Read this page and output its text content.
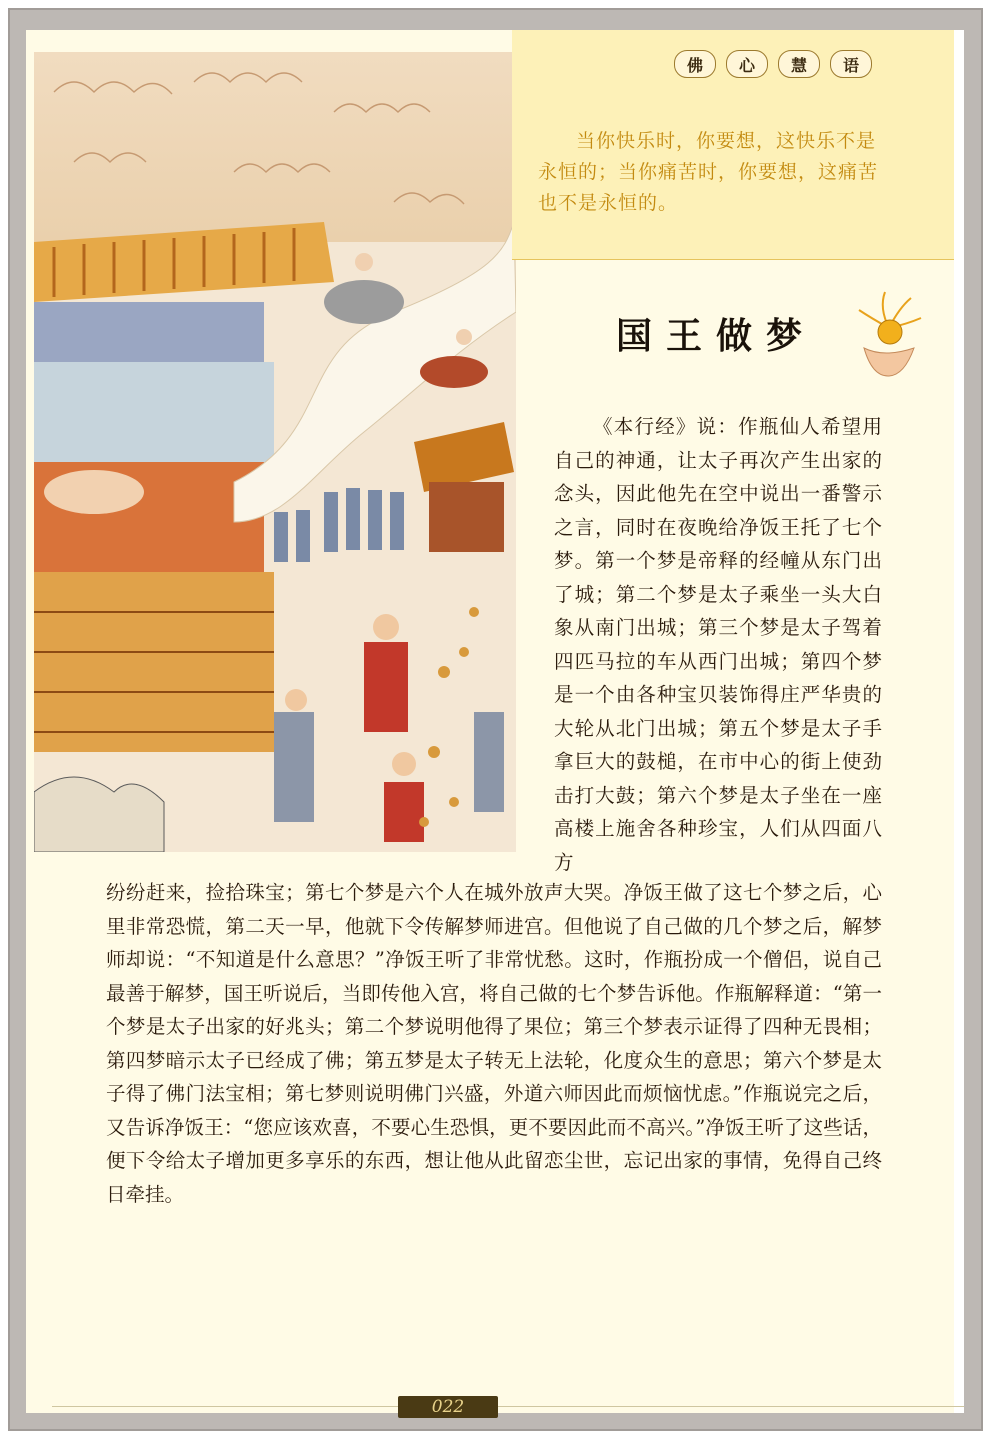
佛	心	慧	语

当你快乐时，你要想，这快乐不是永恒的；当你痛苦时，你要想，这痛苦也不是永恒的。

国王做梦

《本行经》说：作瓶仙人希望用自己的神通，让太子再次产生出家的念头，因此他先在空中说出一番警示之言，同时在夜晚给净饭王托了七个梦。第一个梦是帝释的经幢从东门出了城；第二个梦是太子乘坐一头大白象从南门出城；第三个梦是太子驾着四匹马拉的车从西门出城；第四个梦是一个由各种宝贝装饰得庄严华贵的大轮从北门出城；第五个梦是太子手拿巨大的鼓槌，在市中心的街上使劲击打大鼓；第六个梦是太子坐在一座高楼上施舍各种珍宝，人们从四面八方

纷纷赶来，捡拾珠宝；第七个梦是六个人在城外放声大哭。净饭王做了这七个梦之后，心里非常恐慌，第二天一早，他就下令传解梦师进宫。但他说了自己做的几个梦之后，解梦师却说：“不知道是什么意思？”净饭王听了非常忧愁。这时，作瓶扮成一个僧侣，说自己最善于解梦，国王听说后，当即传他入宫，将自己做的七个梦告诉他。作瓶解释道：“第一个梦是太子出家的好兆头；第二个梦说明他得了果位；第三个梦表示证得了四种无畏相；第四梦暗示太子已经成了佛；第五梦是太子转无上法轮，化度众生的意思；第六个梦是太子得了佛门法宝相；第七梦则说明佛门兴盛，外道六师因此而烦恼忧虑。”作瓶说完之后，又告诉净饭王：“您应该欢喜，不要心生恐惧，更不要因此而不高兴。”净饭王听了这些话，便下令给太子增加更多享乐的东西，想让他从此留恋尘世，忘记出家的事情，免得自己终日牵挂。

022
